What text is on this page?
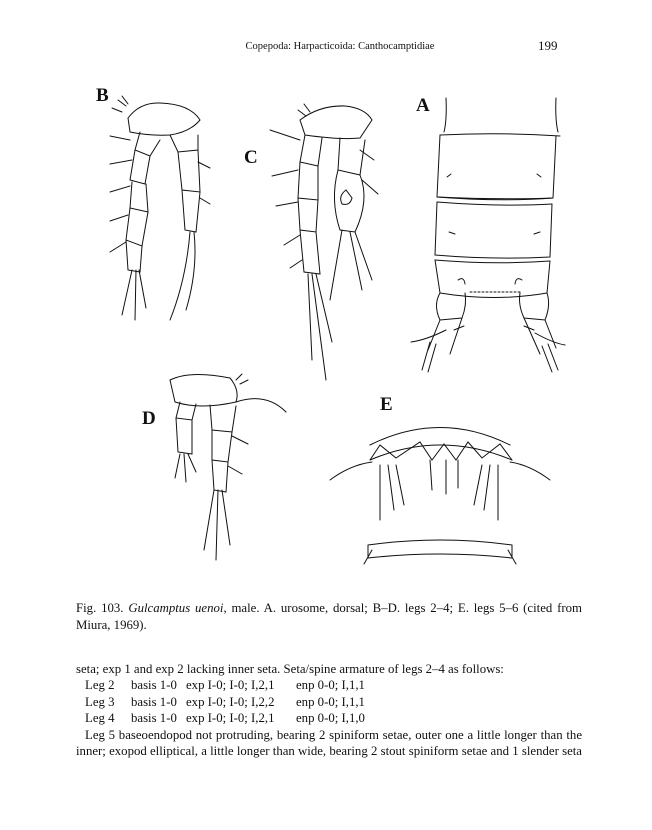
Copepoda: Harpacticoida: Canthocamptidiae	199
B	A
C
D
E
Fig. 103. Gulcamptus uenoi, male. A. urosome, dorsal; B–D. legs 2–4; E. legs 5–6 (cited from Miura, 1969).

seta; exp 1 and exp 2 lacking inner seta. Seta/spine armature of legs 2–4 as follows:

Leg 2	basis 1-0 exp I-0; I-0; I,2,1	enp 0-0; I,1,1
Leg 3	basis 1-0 exp I-0; I-0; I,2,2	enp 0-0; I,1,1
Leg 4	basis 1-0 exp I-0; I-0; I,2,1	enp 0-0; I,1,0

Leg 5 baseoendopod not protruding, bearing 2 spiniform setae, outer one a little longer than the

inner; exopod elliptical, a little longer than wide, bearing 2 stout spiniform setae and 1 slender seta
